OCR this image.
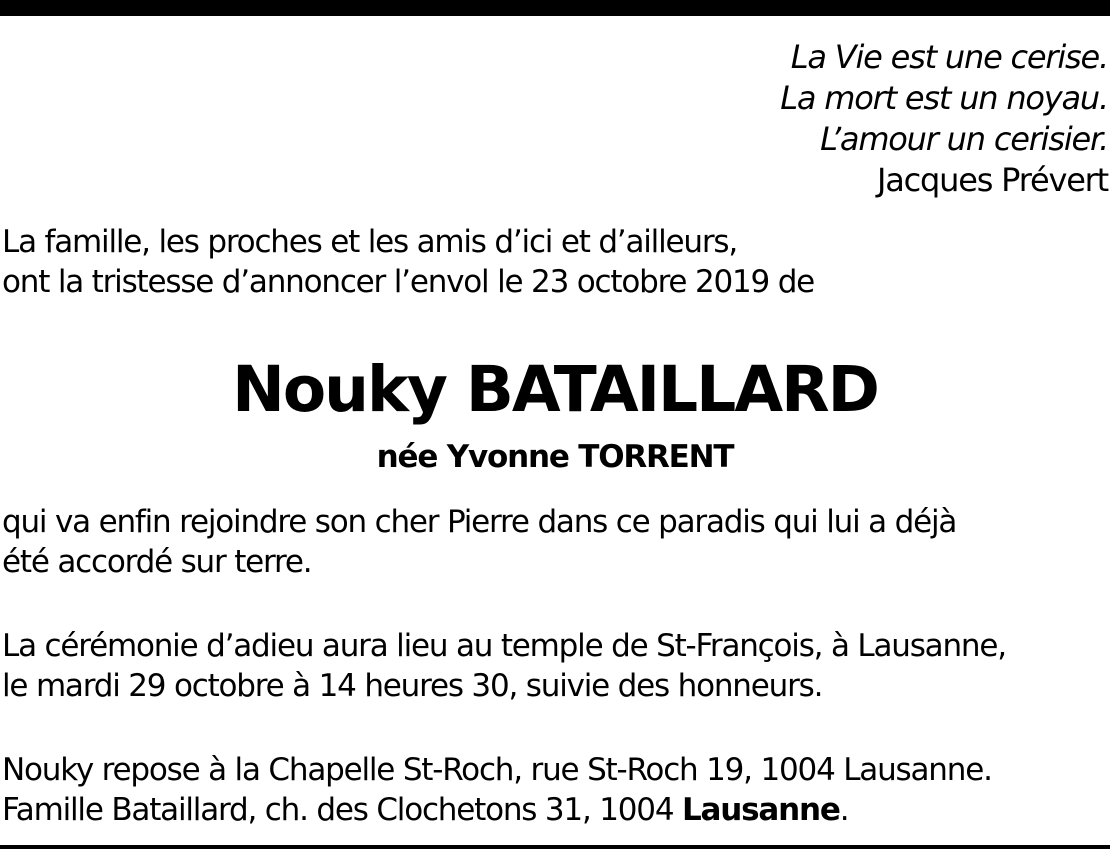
La Vie est une cerise.
La mort est un noyau.
L’amour un cerisier.
Jacques Prévert
La famille, les proches et les amis d’ici et d’ailleurs,
ont la tristesse d’annoncer l’envol le 23 octobre 2019 de
Nouky BATAILLARD
née Yvonne TORRENT
qui va enfin rejoindre son cher Pierre dans ce paradis qui lui a déjà
été accordé sur terre.
La cérémonie d’adieu aura lieu au temple de St-François, à Lausanne,
le mardi 29 octobre à 14 heures 30, suivie des honneurs.
Nouky repose à la Chapelle St-Roch, rue St-Roch 19, 1004 Lausanne.
Famille Bataillard, ch. des Clochetons 31, 1004 Lausanne.
